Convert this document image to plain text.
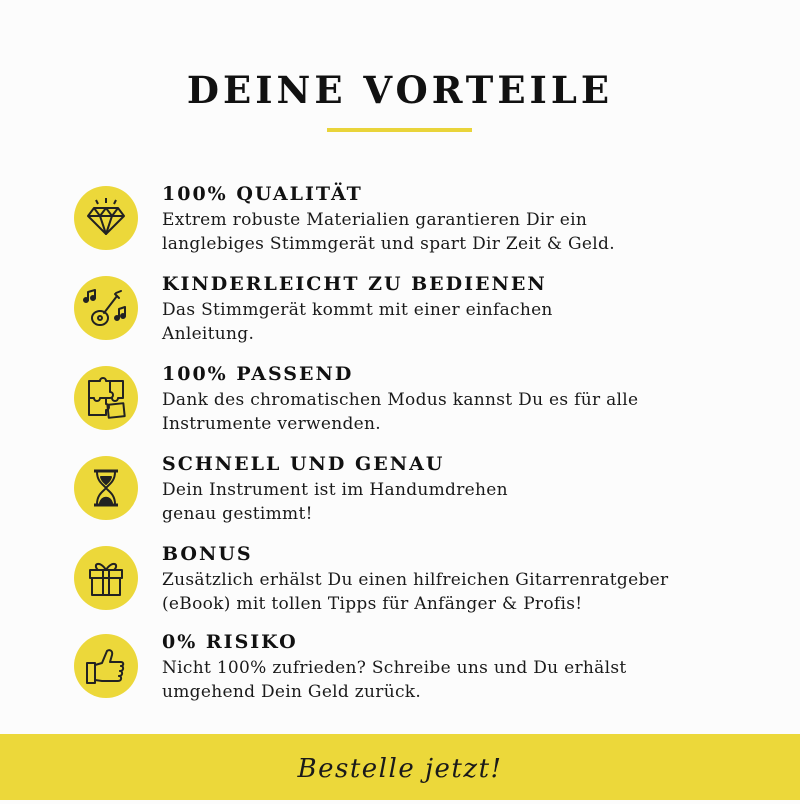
DEINE VORTEILE
100% QUALITÄT
Extrem robuste Materialien garantieren Dir ein
langlebiges Stimmgerät und spart Dir Zeit & Geld.
KINDERLEICHT ZU BEDIENEN
Das Stimmgerät kommt mit einer einfachen
Anleitung.
100% PASSEND
Dank des chromatischen Modus kannst Du es für alle
Instrumente verwenden.
SCHNELL UND GENAU
Dein Instrument ist im Handumdrehen
genau gestimmt!
BONUS
Zusätzlich erhälst Du einen hilfreichen Gitarrenratgeber
(eBook) mit tollen Tipps für Anfänger & Profis!
0% RISIKO
Nicht 100% zufrieden? Schreibe uns und Du erhälst
umgehend Dein Geld zurück.
Bestelle jetzt!
